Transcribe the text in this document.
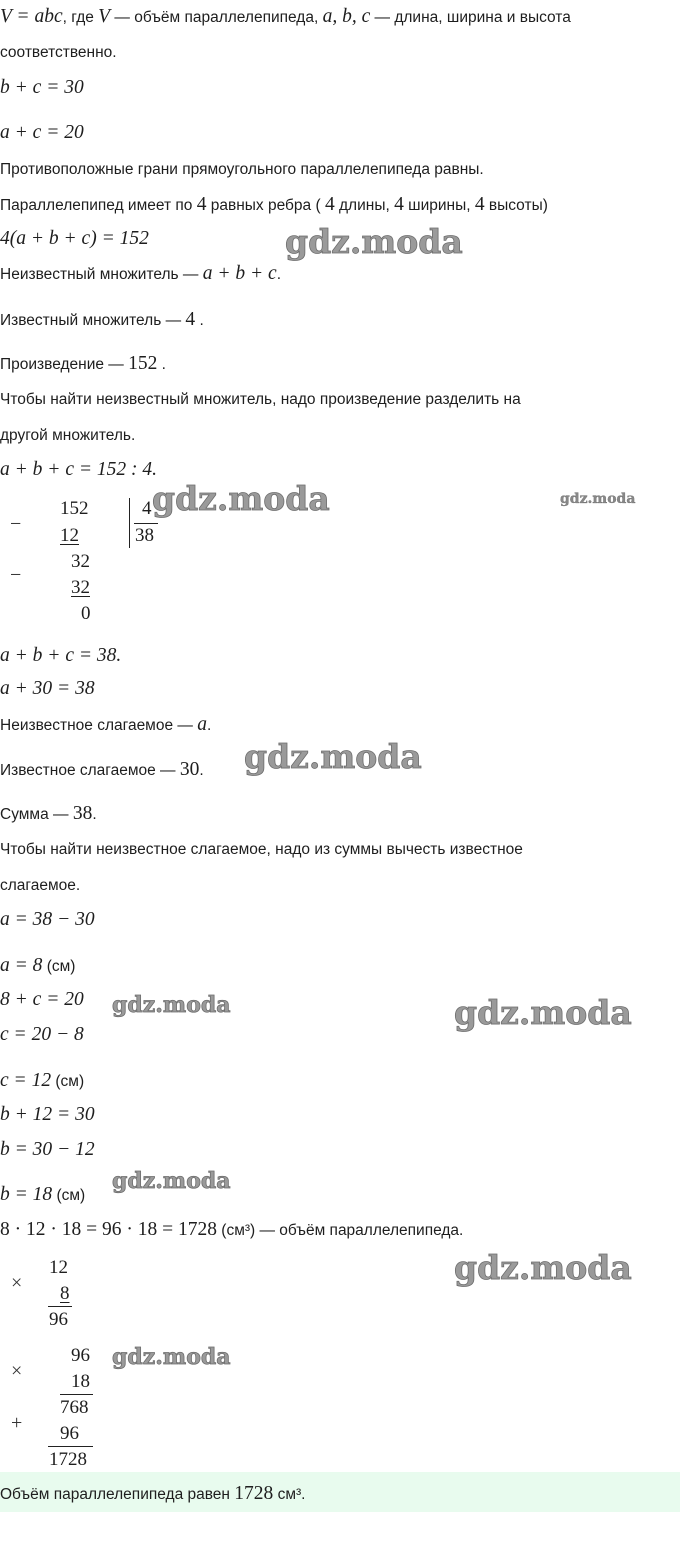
V = abc, где V — объём параллелепипеда, a, b, c — длина, ширина и высота
соответственно.
b + c = 30
a + c = 20
Противоположные грани прямоугольного параллелепипеда равны.
Параллелепипед имеет по 4 равных ребра ( 4 длины, 4 ширины, 4 высоты)
4(a + b + c) = 152
Неизвестный множитель — a + b + c.
Известный множитель — 4 .
Произведение — 152 .
Чтобы найти неизвестный множитель, надо произведение разделить на
другой множитель.
a + b + c = 152 : 4.
−
152	4
38
12
−
32
32
0
a + b + c = 38.
a + 30 = 38
Неизвестное слагаемое — a.
Известное слагаемое — 30.
Сумма — 38.
Чтобы найти неизвестное слагаемое, надо из суммы вычесть известное
слагаемое.
a = 38 − 30
a = 8 (см)
8 + c = 20
c = 20 − 8
c = 12 (см)
b + 12 = 30
b = 30 − 12
b = 18 (см)
8 · 12 · 18 = 96 · 18 = 1728 (см³) — объём параллелепипеда.
×
12
8
96
×
96
18
768
+ 96
1728
Объём параллелепипеда равен 1728 см³.
gdz.moda
gdz.moda	gdz.moda
gdz.moda
gdz.moda	gdz.moda
gdz.moda
gdz.moda
gdz.moda
